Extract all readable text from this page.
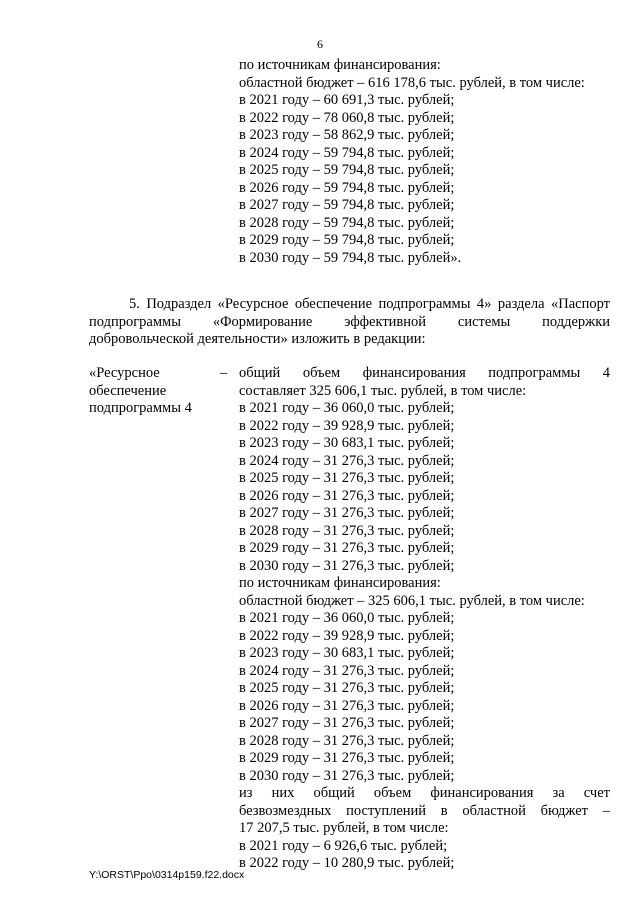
6
по источникам финансирования:
областной бюджет – 616 178,6 тыс. рублей, в том числе:
в 2021 году – 60 691,3 тыс. рублей;
в 2022 году – 78 060,8 тыс. рублей;
в 2023 году – 58 862,9 тыс. рублей;
в 2024 году – 59 794,8 тыс. рублей;
в 2025 году – 59 794,8 тыс. рублей;
в 2026 году – 59 794,8 тыс. рублей;
в 2027 году – 59 794,8 тыс. рублей;
в 2028 году – 59 794,8 тыс. рублей;
в 2029 году – 59 794,8 тыс. рублей;
в 2030 году – 59 794,8 тыс. рублей».
5. Подраздел «Ресурсное обеспечение подпрограммы 4» раздела «Паспорт
подпрограммы «Формирование эффективной системы поддержки
добровольческой деятельности» изложить в редакции:
«Ресурсное
обеспечение
подпрограммы 4
– общий объем финансирования подпрограммы 4
составляет 325 606,1 тыс. рублей, в том числе:
в 2021 году – 36 060,0 тыс. рублей;
в 2022 году – 39 928,9 тыс. рублей;
в 2023 году – 30 683,1 тыс. рублей;
в 2024 году – 31 276,3 тыс. рублей;
в 2025 году – 31 276,3 тыс. рублей;
в 2026 году – 31 276,3 тыс. рублей;
в 2027 году – 31 276,3 тыс. рублей;
в 2028 году – 31 276,3 тыс. рублей;
в 2029 году – 31 276,3 тыс. рублей;
в 2030 году – 31 276,3 тыс. рублей;
по источникам финансирования:
областной бюджет – 325 606,1 тыс. рублей, в том числе:
в 2021 году – 36 060,0 тыс. рублей;
в 2022 году – 39 928,9 тыс. рублей;
в 2023 году – 30 683,1 тыс. рублей;
в 2024 году – 31 276,3 тыс. рублей;
в 2025 году – 31 276,3 тыс. рублей;
в 2026 году – 31 276,3 тыс. рублей;
в 2027 году – 31 276,3 тыс. рублей;
в 2028 году – 31 276,3 тыс. рублей;
в 2029 году – 31 276,3 тыс. рублей;
в 2030 году – 31 276,3 тыс. рублей;
из них общий объем финансирования за счет
безвозмездных поступлений в областной бюджет –
17 207,5 тыс. рублей, в том числе:
в 2021 году – 6 926,6 тыс. рублей;
в 2022 году – 10 280,9 тыс. рублей;
Y:\ORST\Ppo\0314p159.f22.docx
